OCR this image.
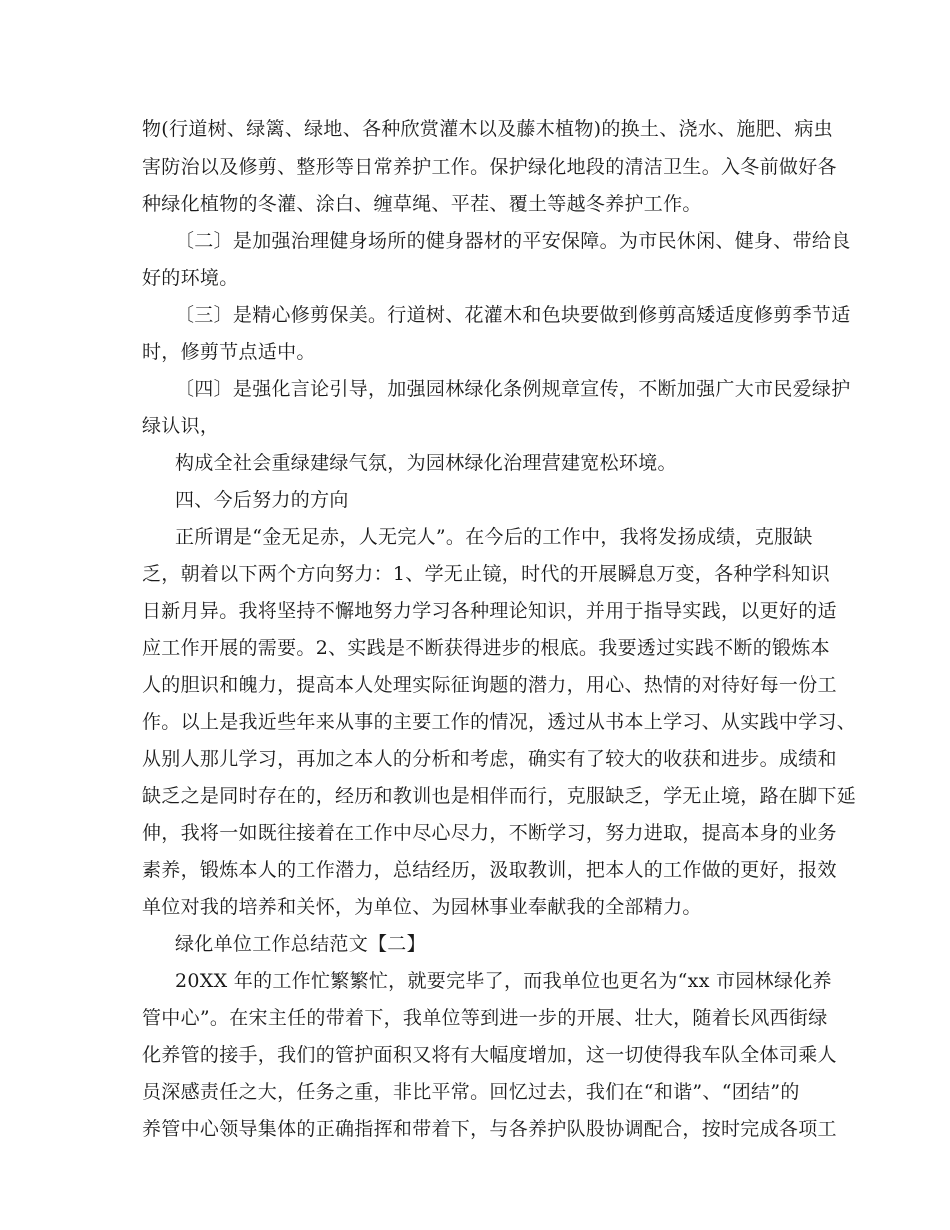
物(行道树、绿篱、绿地、各种欣赏灌木以及藤木植物)的换土、浇水、施肥、病虫
害防治以及修剪、整形等日常养护工作。保护绿化地段的清洁卫生。入冬前做好各
种绿化植物的冬灌、涂白、缠草绳、平茬、覆土等越冬养护工作。
〔二〕是加强治理健身场所的健身器材的平安保障。为市民休闲、健身、带给良
好的环境。
〔三〕是精心修剪保美。行道树、花灌木和色块要做到修剪高矮适度修剪季节适
时，修剪节点适中。
〔四〕是强化言论引导，加强园林绿化条例规章宣传，不断加强广大市民爱绿护
绿认识，
构成全社会重绿建绿气氛，为园林绿化治理营建宽松环境。
四、今后努力的方向
正所谓是“金无足赤，人无完人”。在今后的工作中，我将发扬成绩，克服缺
乏，朝着以下两个方向努力：1、学无止镜，时代的开展瞬息万变，各种学科知识
日新月异。我将坚持不懈地努力学习各种理论知识，并用于指导实践，以更好的适
应工作开展的需要。2、实践是不断获得进步的根底。我要透过实践不断的锻炼本
人的胆识和魄力，提高本人处理实际征询题的潜力，用心、热情的对待好每一份工
作。以上是我近些年来从事的主要工作的情况，透过从书本上学习、从实践中学习、
从别人那儿学习，再加之本人的分析和考虑，确实有了较大的收获和进步。成绩和
缺乏之是同时存在的，经历和教训也是相伴而行，克服缺乏，学无止境，路在脚下延
伸，我将一如既往接着在工作中尽心尽力，不断学习，努力进取，提高本身的业务
素养，锻炼本人的工作潜力，总结经历，汲取教训，把本人的工作做的更好，报效
单位对我的培养和关怀，为单位、为园林事业奉献我的全部精力。
绿化单位工作总结范文【二】
20XX 年的工作忙繁繁忙，就要完毕了，而我单位也更名为“xx 市园林绿化养
管中心”。在宋主任的带着下，我单位等到进一步的开展、壮大，随着长风西街绿
化养管的接手，我们的管护面积又将有大幅度增加，这一切使得我车队全体司乘人
员深感责任之大，任务之重，非比平常。回忆过去，我们在“和谐”、“团结”的
养管中心领导集体的正确指挥和带着下，与各养护队股协调配合，按时完成各项工
